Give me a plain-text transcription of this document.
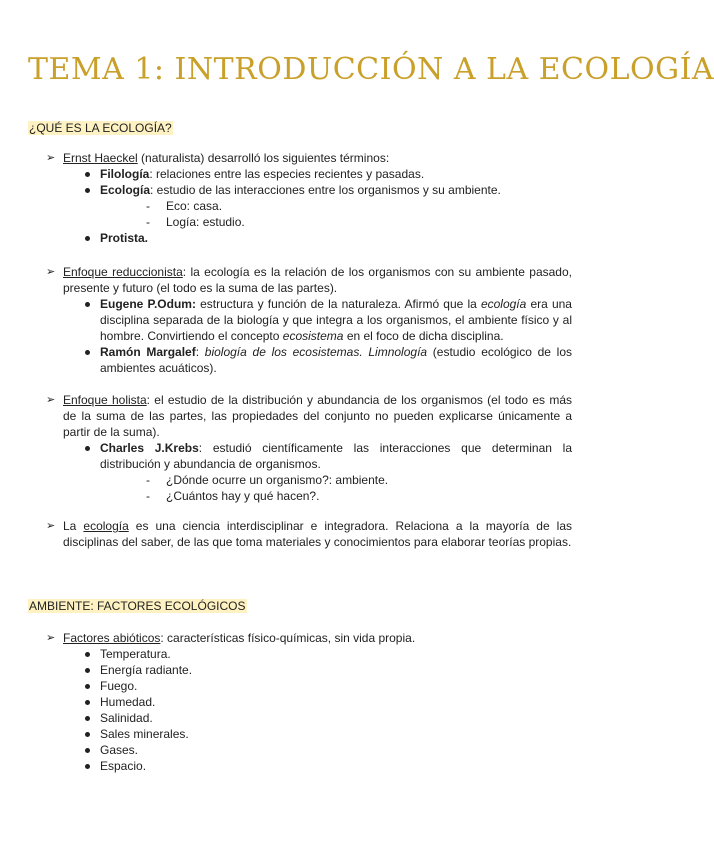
TEMA 1: INTRODUCCIÓN A LA ECOLOGÍA
¿QUÉ ES LA ECOLOGÍA?
➢ Ernst Haeckel (naturalista) desarrolló los siguientes términos:
Filología: relaciones entre las especies recientes y pasadas.
Ecología: estudio de las interacciones entre los organismos y su ambiente.
- Eco: casa.
- Logía: estudio.
Protista.
➢ Enfoque reduccionista: la ecología es la relación de los organismos con su ambiente pasado, presente y futuro (el todo es la suma de las partes).
Eugene P.Odum: estructura y función de la naturaleza. Afirmó que la ecología era una disciplina separada de la biología y que integra a los organismos, el ambiente físico y al hombre. Convirtiendo el concepto ecosistema en el foco de dicha disciplina.
Ramón Margalef: biología de los ecosistemas. Limnología (estudio ecológico de los ambientes acuáticos).
➢ Enfoque holista: el estudio de la distribución y abundancia de los organismos (el todo es más de la suma de las partes, las propiedades del conjunto no pueden explicarse únicamente a partir de la suma).
Charles J.Krebs: estudió científicamente las interacciones que determinan la distribución y abundancia de organismos.
- ¿Dónde ocurre un organismo?: ambiente.
- ¿Cuántos hay y qué hacen?.
➢ La ecología es una ciencia interdisciplinar e integradora. Relaciona a la mayoría de las disciplinas del saber, de las que toma materiales y conocimientos para elaborar teorías propias.
AMBIENTE: FACTORES ECOLÓGICOS
➢ Factores abióticos: características físico-químicas, sin vida propia.
Temperatura.
Energía radiante.
Fuego.
Humedad.
Salinidad.
Sales minerales.
Gases.
Espacio.
